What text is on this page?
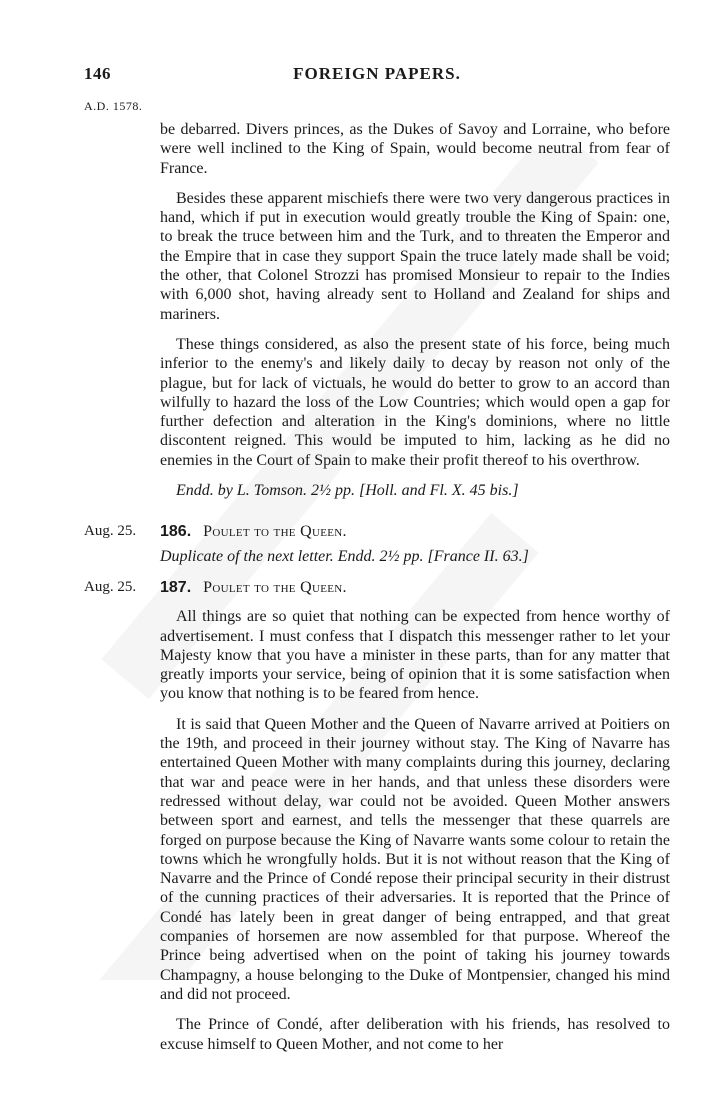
146	FOREIGN PAPERS.
A.D. 1578.
Aug. 25.
Aug. 25.

be debarred. Divers princes, as the Dukes of Savoy and Lorraine, who before were well inclined to the King of Spain, would become neutral from fear of France.

Besides these apparent mischiefs there were two very dangerous practices in hand, which if put in execution would greatly trouble the King of Spain: one, to break the truce between him and the Turk, and to threaten the Emperor and the Empire that in case they support Spain the truce lately made shall be void; the other, that Colonel Strozzi has promised Monsieur to repair to the Indies with 6,000 shot, having already sent to Holland and Zealand for ships and mariners.

These things considered, as also the present state of his force, being much inferior to the enemy's and likely daily to decay by reason not only of the plague, but for lack of victuals, he would do better to grow to an accord than wilfully to hazard the loss of the Low Countries; which would open a gap for further defection and alteration in the King's dominions, where no little discontent reigned. This would be imputed to him, lacking as he did no enemies in the Court of Spain to make their profit thereof to his overthrow.

Endd. by L. Tomson. 2½ pp. [Holl. and Fl. X. 45 bis.]

186. Poulet to the Queen.

Duplicate of the next letter. Endd. 2½ pp. [France II. 63.]

187. Poulet to the Queen.

All things are so quiet that nothing can be expected from hence worthy of advertisement. I must confess that I dispatch this messenger rather to let your Majesty know that you have a minister in these parts, than for any matter that greatly imports your service, being of opinion that it is some satisfaction when you know that nothing is to be feared from hence.

It is said that Queen Mother and the Queen of Navarre arrived at Poitiers on the 19th, and proceed in their journey without stay. The King of Navarre has entertained Queen Mother with many complaints during this journey, declaring that war and peace were in her hands, and that unless these disorders were redressed without delay, war could not be avoided. Queen Mother answers between sport and earnest, and tells the messenger that these quarrels are forged on purpose because the King of Navarre wants some colour to retain the towns which he wrongfully holds. But it is not without reason that the King of Navarre and the Prince of Condé repose their principal security in their distrust of the cunning practices of their adversaries. It is reported that the Prince of Condé has lately been in great danger of being entrapped, and that great companies of horsemen are now assembled for that purpose. Whereof the Prince being advertised when on the point of taking his journey towards Champagny, a house belonging to the Duke of Montpensier, changed his mind and did not proceed.

The Prince of Condé, after deliberation with his friends, has resolved to excuse himself to Queen Mother, and not come to her
